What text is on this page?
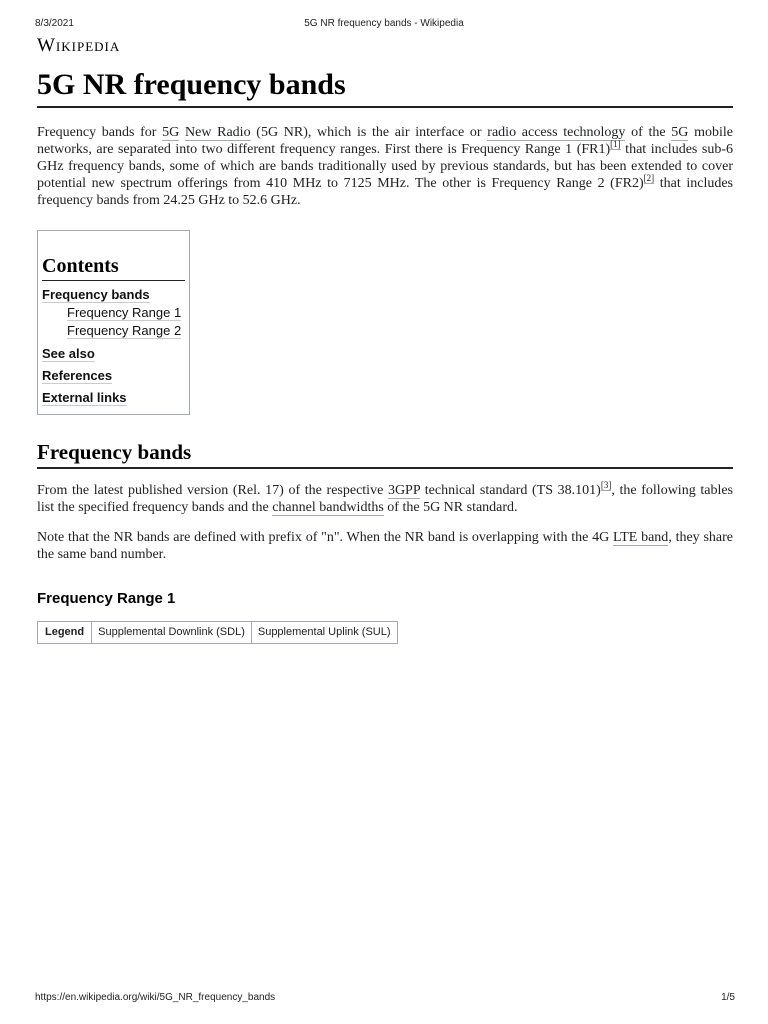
8/3/2021	5G NR frequency bands - Wikipedia
Wikipedia
5G NR frequency bands

Frequency bands for 5G New Radio (5G NR), which is the air interface or radio access technology of the 5G mobile networks, are separated into two different frequency ranges. First there is Frequency Range 1 (FR1)[1] that includes sub-6 GHz frequency bands, some of which are bands traditionally used by previous standards, but has been extended to cover potential new spectrum offerings from 410 MHz to 7125 MHz. The other is Frequency Range 2 (FR2)[2] that includes frequency bands from 24.25 GHz to 52.6 GHz.

Contents
Frequency bands
Frequency Range 1
Frequency Range 2
See also
References
External links
Frequency bands

From the latest published version (Rel. 17) of the respective 3GPP technical standard (TS 38.101)[3], the following tables list the specified frequency bands and the channel bandwidths of the 5G NR standard.

Note that the NR bands are defined with prefix of "n". When the NR band is overlapping with the 4G LTE band, they share the same band number.

Frequency Range 1
Legend	Supplemental Downlink (SDL)	Supplemental Uplink (SUL)
https://en.wikipedia.org/wiki/5G_NR_frequency_bands	1/5
